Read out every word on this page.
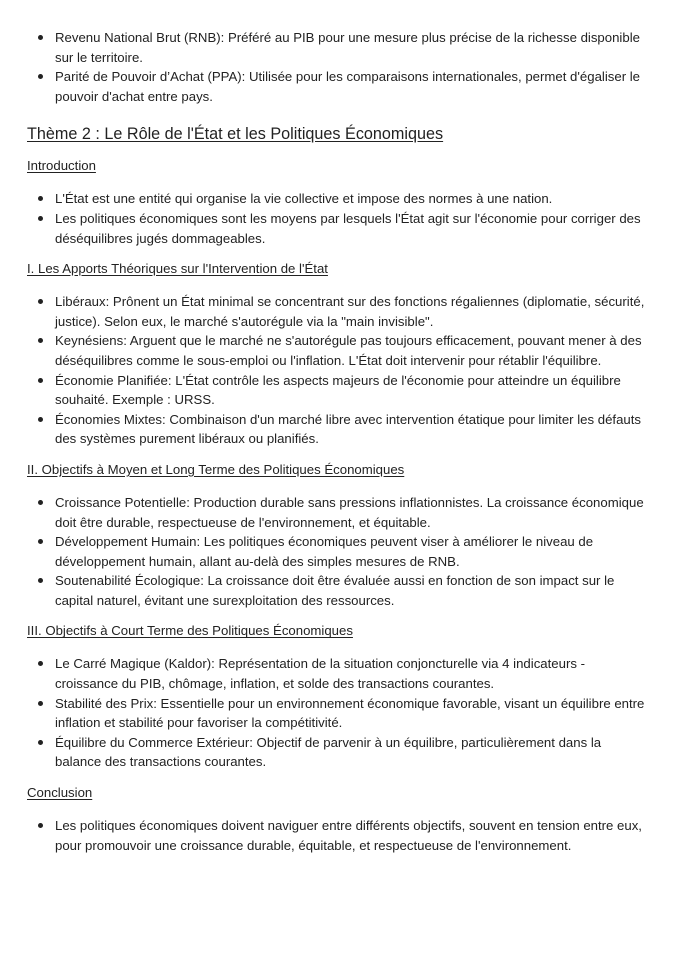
Revenu National Brut (RNB): Préféré au PIB pour une mesure plus précise de la richesse disponible sur le territoire.
Parité de Pouvoir d’Achat (PPA): Utilisée pour les comparaisons internationales, permet d'égaliser le pouvoir d'achat entre pays.
Thème 2 : Le Rôle de l'État et les Politiques Économiques
Introduction
L'État est une entité qui organise la vie collective et impose des normes à une nation.
Les politiques économiques sont les moyens par lesquels l'État agit sur l'économie pour corriger des déséquilibres jugés dommageables.
I. Les Apports Théoriques sur l'Intervention de l'État
Libéraux: Prônent un État minimal se concentrant sur des fonctions régaliennes (diplomatie, sécurité, justice). Selon eux, le marché s'autorégule via la "main invisible".
Keynésiens: Arguent que le marché ne s'autorégule pas toujours efficacement, pouvant mener à des déséquilibres comme le sous-emploi ou l'inflation. L'État doit intervenir pour rétablir l'équilibre.
Économie Planifiée: L'État contrôle les aspects majeurs de l'économie pour atteindre un équilibre souhaité. Exemple : URSS.
Économies Mixtes: Combinaison d'un marché libre avec intervention étatique pour limiter les défauts des systèmes purement libéraux ou planifiés.
II. Objectifs à Moyen et Long Terme des Politiques Économiques
Croissance Potentielle: Production durable sans pressions inflationnistes. La croissance économique doit être durable, respectueuse de l'environnement, et équitable.
Développement Humain: Les politiques économiques peuvent viser à améliorer le niveau de développement humain, allant au-delà des simples mesures de RNB.
Soutenabilité Écologique: La croissance doit être évaluée aussi en fonction de son impact sur le capital naturel, évitant une surexploitation des ressources.
III. Objectifs à Court Terme des Politiques Économiques
Le Carré Magique (Kaldor): Représentation de la situation conjoncturelle via 4 indicateurs - croissance du PIB, chômage, inflation, et solde des transactions courantes.
Stabilité des Prix: Essentielle pour un environnement économique favorable, visant un équilibre entre inflation et stabilité pour favoriser la compétitivité.
Équilibre du Commerce Extérieur: Objectif de parvenir à un équilibre, particulièrement dans la balance des transactions courantes.
Conclusion
Les politiques économiques doivent naviguer entre différents objectifs, souvent en tension entre eux, pour promouvoir une croissance durable, équitable, et respectueuse de l'environnement.
